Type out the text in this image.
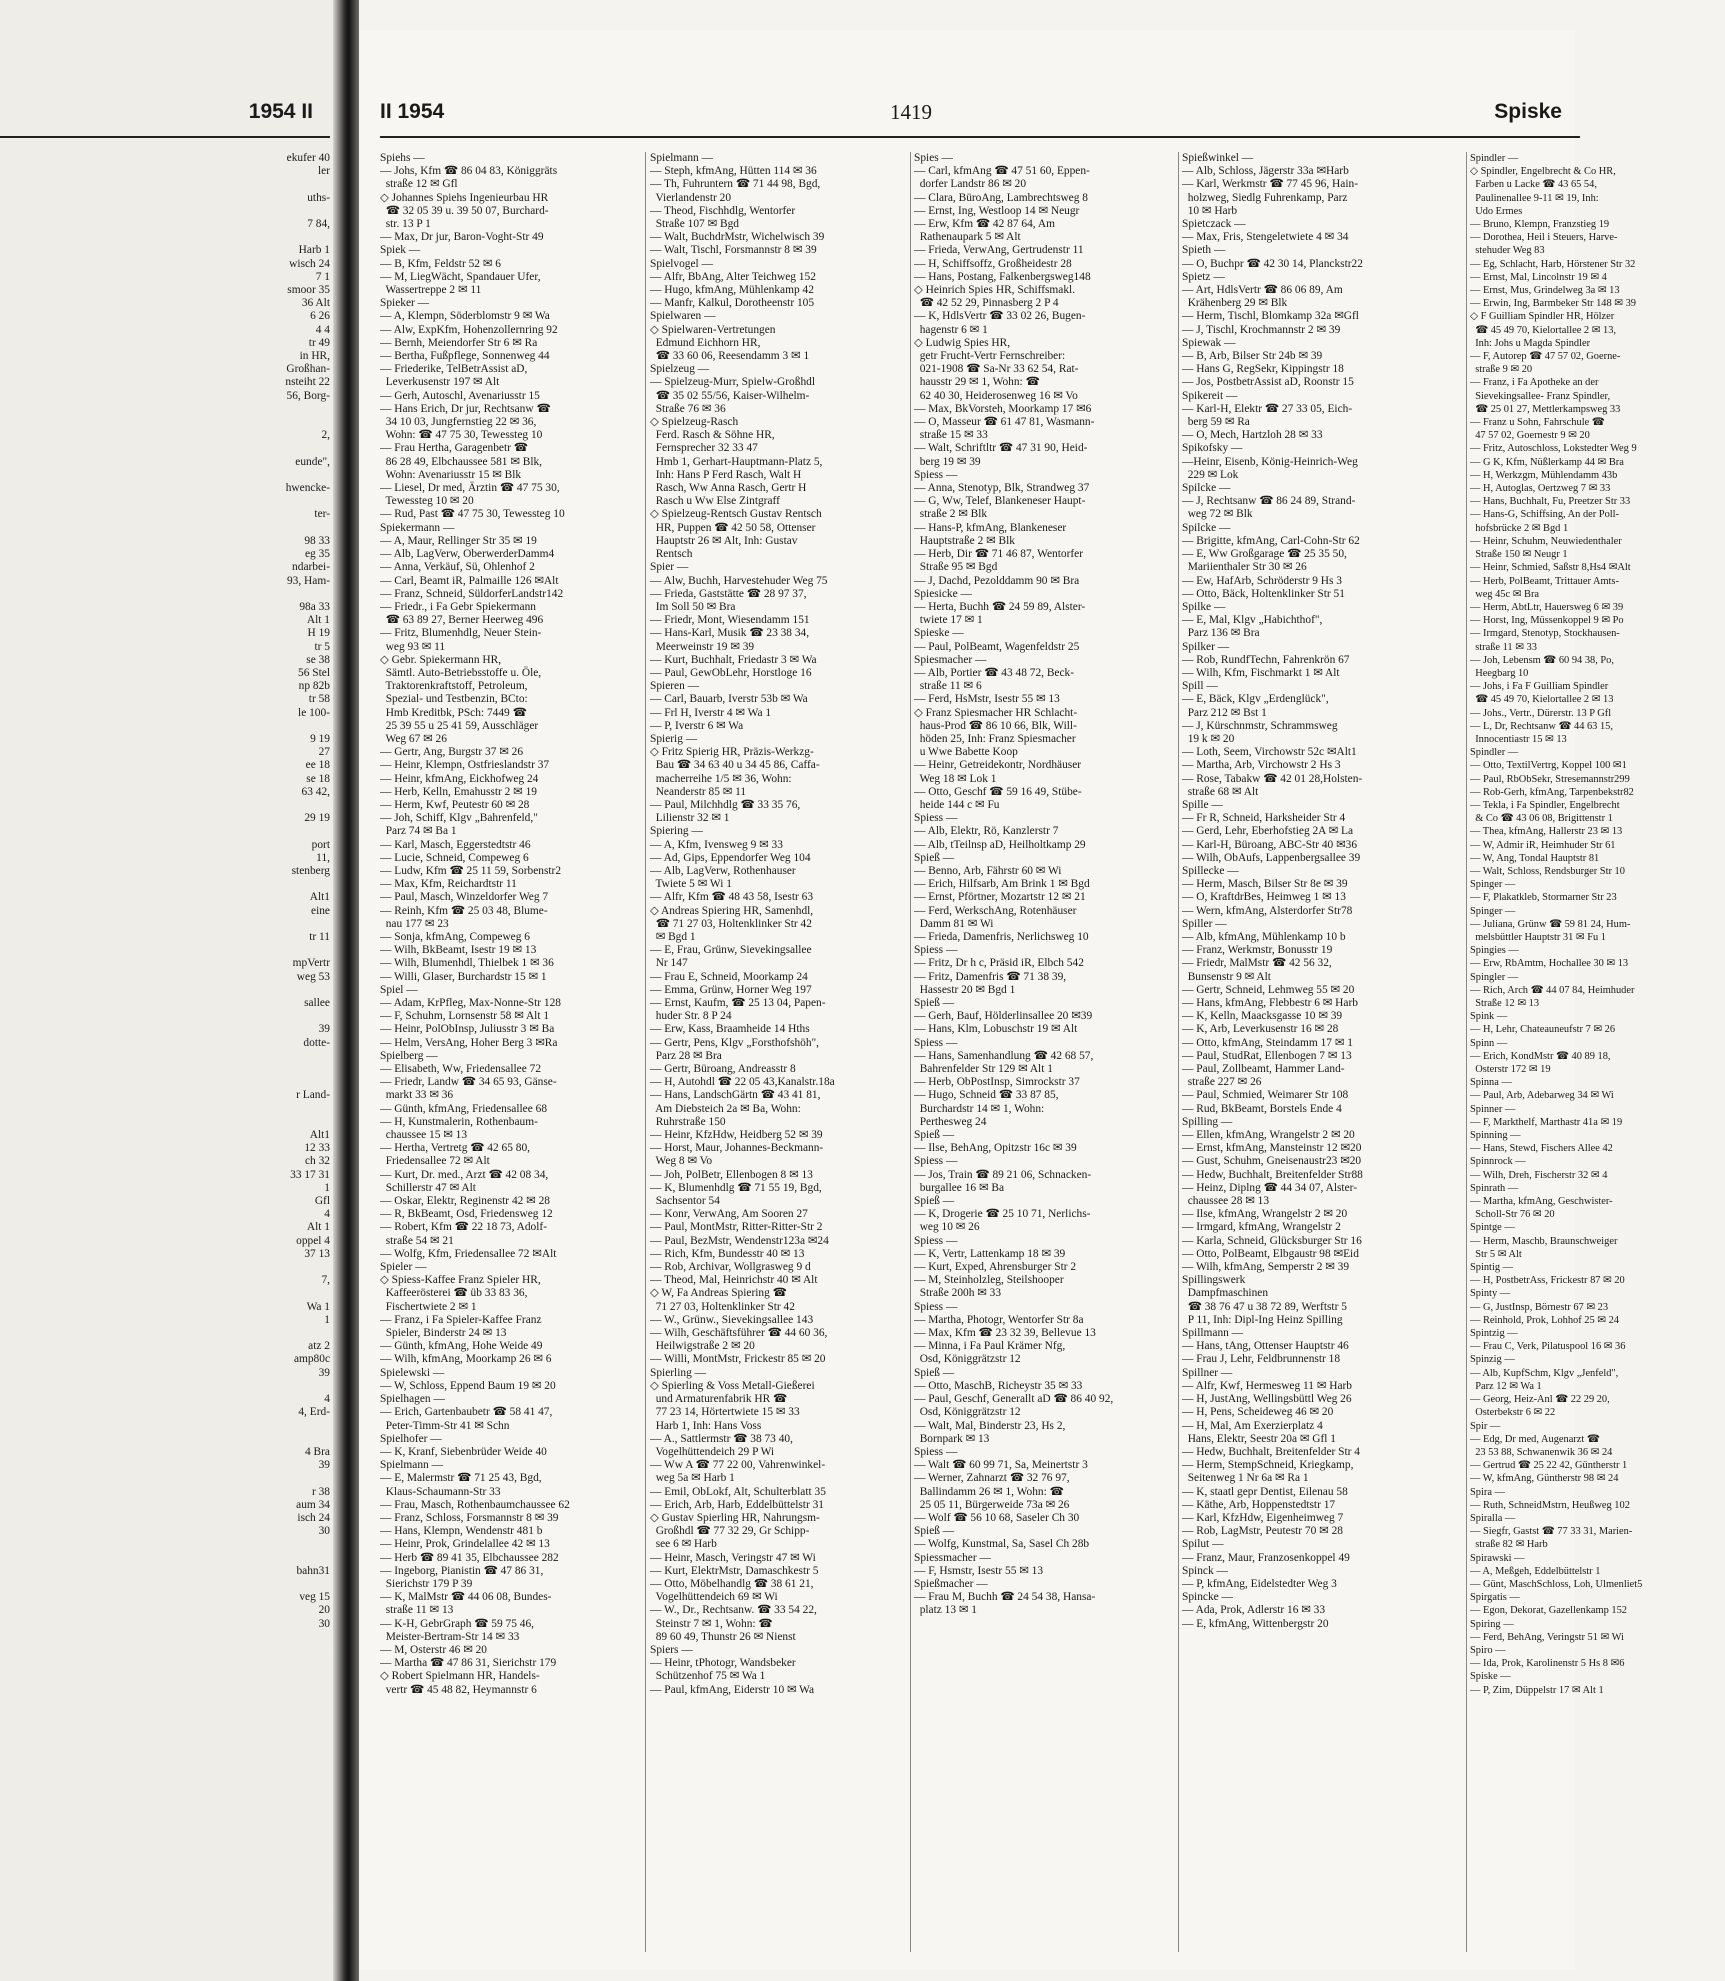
1954 II	II 1954	1419	Spiske
ekufer 40
ler

uths-

7 84,

Harb 1
wisch 24
7 1
smoor 35
36 Alt
6 26
4 4
tr 49
in HR,
Großhan-
nsteiht 22
56, Borg-

2,

eunde",

hwencke-

ter-

98 33
eg 35
ndarbei-
93, Ham-

98a 33
Alt 1
H 19
tr 5
se 38
56 Stel
np 82b
tr 58
le 100-

9 19
27
ee 18
se 18
63 42,

29 19

port
11,
stenberg

Alt1
eine

tr 11

mpVertr
weg 53

sallee

39
dotte-

r Land-

Alt1
12 33
ch 32
33 17 31
1
Gfl
4
Alt 1
oppel 4
37 13

7,

Wa 1
1

atz 2
amp80c
39

4
4, Erd-

4 Bra
39

r 38
aum 34
isch 24
30

bahn31

veg 15
20
30
Spiehs —
— Johs, Kfm ☎ 86 04 83, Königgräts
straße 12 ✉ Gfl
◇ Johannes Spiehs Ingenieurbau HR
☎ 32 05 39 u. 39 50 07, Burchard-
str. 13 P 1
— Max, Dr jur, Baron-Voght-Str 49
Spiek —
— B, Kfm, Feldstr 52 ✉ 6
— M, LiegWächt, Spandauer Ufer,
Wassertreppe 2 ✉ 11
Spieker —
— A, Klempn, Söderblomstr 9 ✉ Wa
— Alw, ExpKfm, Hohenzollernring 92
— Bernh, Meiendorfer Str 6 ✉ Ra
— Bertha, Fußpflege, Sonnenweg 44
— Friederike, TelBetrAssist aD,
Leverkusenstr 197 ✉ Alt
— Gerh, Autoschl, Avenariusstr 15
— Hans Erich, Dr jur, Rechtsanw ☎
34 10 03, Jungfernstieg 22 ✉ 36,
Wohn: ☎ 47 75 30, Tewessteg 10
— Frau Hertha, Garagenbetr ☎
86 28 49, Elbchaussee 581 ✉ Blk,
Wohn: Avenariusstr 15 ✉ Blk
— Liesel, Dr med, Ärztin ☎ 47 75 30,
Tewessteg 10 ✉ 20
— Rud, Past ☎ 47 75 30, Tewessteg 10
Spiekermann —
— A, Maur, Rellinger Str 35 ✉ 19
— Alb, LagVerw, OberwerderDamm4
— Anna, Verkäuf, Sü, Ohlenhof 2
— Carl, Beamt iR, Palmaille 126 ✉Alt
— Franz, Schneid, SüldorferLandstr142
— Friedr., i Fa Gebr Spiekermann
☎ 63 89 27, Berner Heerweg 496
— Fritz, Blumenhdlg, Neuer Stein-
weg 93 ✉ 11
◇ Gebr. Spiekermann HR,
Sämtl. Auto-Betriebsstoffe u. Öle,
Traktorenkraftstoff, Petroleum,
Spezial- und Testbenzin, BCto:
Hmb Kreditbk, PSch: 7449 ☎
25 39 55 u 25 41 59, Ausschläger
Weg 67 ✉ 26
— Gertr, Ang, Burgstr 37 ✉ 26
— Heinr, Klempn, Ostfrieslandstr 37
— Heinr, kfmAng, Eickhofweg 24
— Herb, Kelln, Emahusstr 2 ✉ 19
— Herm, Kwf, Peutestr 60 ✉ 28
— Joh, Schiff, Klgv „Bahrenfeld,"
Parz 74 ✉ Ba 1
— Karl, Masch, Eggerstedtstr 46
— Lucie, Schneid, Compeweg 6
— Ludw, Kfm ☎ 25 11 59, Sorbenstr2
— Max, Kfm, Reichardtstr 11
— Paul, Masch, Winzeldorfer Weg 7
— Reinh, Kfm ☎ 25 03 48, Blume-
nau 177 ✉ 23
— Sonja, kfmAng, Compeweg 6
— Wilh, BkBeamt, Isestr 19 ✉ 13
— Wilh, Blumenhdl, Thielbek 1 ✉ 36
— Willi, Glaser, Burchardstr 15 ✉ 1
Spiel —
— Adam, KrPfleg, Max-Nonne-Str 128
— F, Schuhm, Lornsenstr 58 ✉ Alt 1
— Heinr, PolObInsp, Juliusstr 3 ✉ Ba
— Helm, VersAng, Hoher Berg 3 ✉Ra
Spielberg —
— Elisabeth, Ww, Friedensallee 72
— Friedr, Landw ☎ 34 65 93, Gänse-
markt 33 ✉ 36
— Günth, kfmAng, Friedensallee 68
— H, Kunstmalerin, Rothenbaum-
chaussee 15 ✉ 13
— Hertha, Vertretg ☎ 42 65 80,
Friedensallee 72 ✉ Alt
— Kurt, Dr. med., Arzt ☎ 42 08 34,
Schillerstr 47 ✉ Alt
— Oskar, Elektr, Reginenstr 42 ✉ 28
— R, BkBeamt, Osd, Friedensweg 12
— Robert, Kfm ☎ 22 18 73, Adolf-
straße 54 ✉ 21
— Wolfg, Kfm, Friedensallee 72 ✉Alt
Spieler —
◇ Spiess-Kaffee Franz Spieler HR,
Kaffeerösterei ☎ üb 33 83 36,
Fischertwiete 2 ✉ 1
— Franz, i Fa Spieler-Kaffee Franz
Spieler, Binderstr 24 ✉ 13
— Günth, kfmAng, Hohe Weide 49
— Wilh, kfmAng, Moorkamp 26 ✉ 6
Spielewski —
— W, Schloss, Eppend Baum 19 ✉ 20
Spielhagen —
— Erich, Gartenbaubetr ☎ 58 41 47,
Peter-Timm-Str 41 ✉ Schn
Spielhofer —
— K, Kranf, Siebenbrüder Weide 40
Spielmann —
— E, Malermstr ☎ 71 25 43, Bgd,
Klaus-Schaumann-Str 33
— Frau, Masch, Rothenbaumchaussee 62
— Franz, Schloss, Forsmannstr 8 ✉ 39
— Hans, Klempn, Wendenstr 481 b
— Heinr, Prok, Grindelallee 42 ✉ 13
— Herb ☎ 89 41 35, Elbchaussee 282
— Ingeborg, Pianistin ☎ 47 86 31,
Sierichstr 179 P 39
— K, MalMstr ☎ 44 06 08, Bundes-
straße 11 ✉ 13
— K-H, GebrGraph ☎ 59 75 46,
Meister-Bertram-Str 14 ✉ 33
— M, Osterstr 46 ✉ 20
— Martha ☎ 47 86 31, Sierichstr 179
◇ Robert Spielmann HR, Handels-
vertr ☎ 45 48 82, Heymannstr 6
Spielmann —
— Steph, kfmAng, Hütten 114 ✉ 36
— Th, Fuhruntern ☎ 71 44 98, Bgd,
Vierlandenstr 20
— Theod, Fischhdlg, Wentorfer
Straße 107 ✉ Bgd
— Walt, BuchdrMstr, Wichelwisch 39
— Walt, Tischl, Forsmannstr 8 ✉ 39
Spielvogel —
— Alfr, BbAng, Alter Teichweg 152
— Hugo, kfmAng, Mühlenkamp 42
— Manfr, Kalkul, Dorotheenstr 105
Spielwaren —
◇ Spielwaren-Vertretungen
Edmund Eichhorn HR,
☎ 33 60 06, Reesendamm 3 ✉ 1
Spielzeug —
— Spielzeug-Murr, Spielw-Großhdl
☎ 35 02 55/56, Kaiser-Wilhelm-
Straße 76 ✉ 36
◇ Spielzeug-Rasch
Ferd. Rasch & Söhne HR,
Fernsprecher 32 33 47
Hmb 1, Gerhart-Hauptmann-Platz 5,
Inh: Hans P Ferd Rasch, Walt H
Rasch, Ww Anna Rasch, Gertr H
Rasch u Ww Else Zintgraff
◇ Spielzeug-Rentsch Gustav Rentsch
HR, Puppen ☎ 42 50 58, Ottenser
Hauptstr 26 ✉ Alt, Inh: Gustav
Rentsch
Spier —
— Alw, Buchh, Harvestehuder Weg 75
— Frieda, Gaststätte ☎ 28 97 37,
Im Soll 50 ✉ Bra
— Friedr, Mont, Wiesendamm 151
— Hans-Karl, Musik ☎ 23 38 34,
Meerweinstr 19 ✉ 39
— Kurt, Buchhalt, Friedastr 3 ✉ Wa
— Paul, GewObLehr, Horstloge 16
Spieren —
— Carl, Bauarb, Iverstr 53b ✉ Wa
— Frl H, Iverstr 4 ✉ Wa 1
— P, Iverstr 6 ✉ Wa
Spierig —
◇ Fritz Spierig HR, Präzis-Werkzg-
Bau ☎ 34 63 40 u 34 45 86, Caffa-
macherreihe 1/5 ✉ 36, Wohn:
Neanderstr 85 ✉ 11
— Paul, Milchhdlg ☎ 33 35 76,
Lilienstr 32 ✉ 1
Spiering —
— A, Kfm, Ivensweg 9 ✉ 33
— Ad, Gips, Eppendorfer Weg 104
— Alb, LagVerw, Rothenhauser
Twiete 5 ✉ Wi 1
— Alfr, Kfm ☎ 48 43 58, Isestr 63
◇ Andreas Spiering HR, Samenhdl,
☎ 71 27 03, Holtenklinker Str 42
✉ Bgd 1
— E, Frau, Grünw, Sievekingsallee
Nr 147
— Frau E, Schneid, Moorkamp 24
— Emma, Grünw, Horner Weg 197
— Ernst, Kaufm, ☎ 25 13 04, Papen-
huder Str. 8 P 24
— Erw, Kass, Braamheide 14 Hths
— Gertr, Pens, Klgv „Forsthofshöh",
Parz 28 ✉ Bra
— Gertr, Büroang, Andreasstr 8
— H, Autohdl ☎ 22 05 43,Kanalstr.18a
— Hans, LandschGärtn ☎ 43 41 81,
Am Diebsteich 2a ✉ Ba, Wohn:
Ruhrstraße 150
— Heinr, KfzHdw, Heidberg 52 ✉ 39
— Horst, Maur, Johannes-Beckmann-
Weg 8 ✉ Vo
— Joh, PolBetr, Ellenbogen 8 ✉ 13
— K, Blumenhdlg ☎ 71 55 19, Bgd,
Sachsentor 54
— Konr, VerwAng, Am Sooren 27
— Paul, MontMstr, Ritter-Ritter-Str 2
— Paul, BezMstr, Wendenstr123a ✉24
— Rich, Kfm, Bundesstr 40 ✉ 13
— Rob, Archivar, Wollgrasweg 9 d
— Theod, Mal, Heinrichstr 40 ✉ Alt
◇ W, Fa Andreas Spiering ☎
71 27 03, Holtenklinker Str 42
— W., Grünw., Sievekingsallee 143
— Wilh, Geschäftsführer ☎ 44 60 36,
Heilwigstraße 2 ✉ 20
— Willi, MontMstr, Frickestr 85 ✉ 20
Spierling —
◇ Spierling & Voss Metall-Gießerei
und Armaturenfabrik HR ☎
77 23 14, Hörtertwiete 15 ✉ 33
Harb 1, Inh: Hans Voss
— A., Sattlermstr ☎ 38 73 40,
Vogelhüttendeich 29 P Wi
— Ww A ☎ 77 22 00, Vahrenwinkel-
weg 5a ✉ Harb 1
— Emil, ObLokf, Alt, Schulterblatt 35
— Erich, Arb, Harb, Eddelbüttelstr 31
◇ Gustav Spierling HR, Nahrungsm-
Großhdl ☎ 77 32 29, Gr Schipp-
see 6 ✉ Harb
— Heinr, Masch, Veringstr 47 ✉ Wi
— Kurt, ElektrMstr, Damaschkestr 5
— Otto, Möbelhandlg ☎ 38 61 21,
Vogelhüttendeich 69 ✉ Wi
— W., Dr., Rechtsanw. ☎ 33 54 22,
Steinstr 7 ✉ 1, Wohn: ☎
89 60 49, Thunstr 26 ✉ Nienst
Spiers —
— Heinr, tPhotogr, Wandsbeker
Schützenhof 75 ✉ Wa 1
— Paul, kfmAng, Eiderstr 10 ✉ Wa
Spies —
— Carl, kfmAng ☎ 47 51 60, Eppen-
dorfer Landstr 86 ✉ 20
— Clara, BüroAng, Lambrechtsweg 8
— Ernst, Ing, Westloop 14 ✉ Neugr
— Erw, Kfm ☎ 42 87 64, Am
Rathenaupark 5 ✉ Alt
— Frieda, VerwAng, Gertrudenstr 11
— H, Schiffsoffz, Großheidestr 28
— Hans, Postang, Falkenbergsweg148
◇ Heinrich Spies HR, Schiffsmakl.
☎ 42 52 29, Pinnasberg 2 P 4
— K, HdlsVertr ☎ 33 02 26, Bugen-
hagenstr 6 ✉ 1
◇ Ludwig Spies HR,
getr Frucht-Vertr Fernschreiber:
021-1908 ☎ Sa-Nr 33 62 54, Rat-
hausstr 29 ✉ 1, Wohn: ☎
62 40 30, Heiderosenweg 16 ✉ Vo
— Max, BkVorsteh, Moorkamp 17 ✉6
— O, Masseur ☎ 61 47 81, Wasmann-
straße 15 ✉ 33
— Walt, Schriftltr ☎ 47 31 90, Heid-
berg 19 ✉ 39
Spiess —
— Anna, Stenotyp, Blk, Strandweg 37
— G, Ww, Telef, Blankeneser Haupt-
straße 2 ✉ Blk
— Hans-P, kfmAng, Blankeneser
Hauptstraße 2 ✉ Blk
— Herb, Dir ☎ 71 46 87, Wentorfer
Straße 95 ✉ Bgd
— J, Dachd, Pezolddamm 90 ✉ Bra
Spiesicke —
— Herta, Buchh ☎ 24 59 89, Alster-
twiete 17 ✉ 1
Spieske —
— Paul, PolBeamt, Wagenfeldstr 25
Spiesmacher —
— Alb, Portier ☎ 43 48 72, Beck-
straße 11 ✉ 6
— Ferd, HsMstr, Isestr 55 ✉ 13
◇ Franz Spiesmacher HR Schlacht-
haus-Prod ☎ 86 10 66, Blk, Will-
höden 25, Inh: Franz Spiesmacher
u Wwe Babette Koop
— Heinr, Getreidekontr, Nordhäuser
Weg 18 ✉ Lok 1
— Otto, Geschf ☎ 59 16 49, Stübe-
heide 144 c ✉ Fu
Spiess —
— Alb, Elektr, Rö, Kanzlerstr 7
— Alb, tTeilnsp aD, Heilholtkamp 29
Spieß —
— Benno, Arb, Fährstr 60 ✉ Wi
— Erich, Hilfsarb, Am Brink 1 ✉ Bgd
— Ernst, Pförtner, Mozartstr 12 ✉ 21
— Ferd, WerkschAng, Rotenhäuser
Damm 81 ✉ Wi
— Frieda, Damenfris, Nerlichsweg 10
Spiess —
— Fritz, Dr h c, Präsid iR, Elbch 542
— Fritz, Damenfris ☎ 71 38 39,
Hassestr 20 ✉ Bgd 1
Spieß —
— Gerh, Bauf, Hölderlinsallee 20 ✉39
— Hans, Klm, Lobuschstr 19 ✉ Alt
Spiess —
— Hans, Samenhandlung ☎ 42 68 57,
Bahrenfelder Str 129 ✉ Alt 1
— Herb, ObPostInsp, Simrockstr 37
— Hugo, Schneid ☎ 33 87 85,
Burchardstr 14 ✉ 1, Wohn:
Perthesweg 24
Spieß —
— Ilse, BehAng, Opitzstr 16c ✉ 39
Spiess —
— Jos, Train ☎ 89 21 06, Schnacken-
burgallee 16 ✉ Ba
Spieß —
— K, Drogerie ☎ 25 10 71, Nerlichs-
weg 10 ✉ 26
Spiess —
— K, Vertr, Lattenkamp 18 ✉ 39
— Kurt, Exped, Ahrensburger Str 2
— M, Steinholzleg, Steilshooper
Straße 200h ✉ 33
Spiess —
— Martha, Photogr, Wentorfer Str 8a
— Max, Kfm ☎ 23 32 39, Bellevue 13
— Minna, i Fa Paul Krämer Nfg,
Osd, Königgrätzstr 12
Spieß —
— Otto, MaschB, Richeystr 35 ✉ 33
— Paul, Geschf, Generallt aD ☎ 86 40 92,
Osd, Königgrätzstr 12
— Walt, Mal, Binderstr 23, Hs 2,
Bornpark ✉ 13
Spiess —
— Walt ☎ 60 99 71, Sa, Meinertstr 3
— Werner, Zahnarzt ☎ 32 76 97,
Ballindamm 26 ✉ 1, Wohn: ☎
25 05 11, Bürgerweide 73a ✉ 26
— Wolf ☎ 56 10 68, Saseler Ch 30
Spieß —
— Wolfg, Kunstmal, Sa, Sasel Ch 28b
Spiessmacher —
— F, Hsmstr, Isestr 55 ✉ 13
Spießmacher —
— Frau M, Buchh ☎ 24 54 38, Hansa-
platz 13 ✉ 1
Spießwinkel —
— Alb, Schloss, Jägerstr 33a ✉Harb
— Karl, Werkmstr ☎ 77 45 96, Hain-
holzweg, Siedlg Fuhrenkamp, Parz
10 ✉ Harb
Spietczack —
— Max, Fris, Stengeletwiete 4 ✉ 34
Spieth —
— O, Buchpr ☎ 42 30 14, Planckstr22
Spietz —
— Art, HdlsVertr ☎ 86 06 89, Am
Krähenberg 29 ✉ Blk
— Herm, Tischl, Blomkamp 32a ✉Gfl
— J, Tischl, Krochmannstr 2 ✉ 39
Spiewak —
— B, Arb, Bilser Str 24b ✉ 39
— Hans G, RegSekr, Kippingstr 18
— Jos, PostbetrAssist aD, Roonstr 15
Spikereit —
— Karl-H, Elektr ☎ 27 33 05, Eich-
berg 59 ✉ Ra
— O, Mech, Hartzloh 28 ✉ 33
Spikofsky —
—Heinr, Eisenb, König-Heinrich-Weg
229 ✉ Lok
Spilcke —
— J, Rechtsanw ☎ 86 24 89, Strand-
weg 72 ✉ Blk
Spilcke —
— Brigitte, kfmAng, Carl-Cohn-Str 62
— E, Ww Großgarage ☎ 25 35 50,
Mariienthaler Str 30 ✉ 26
— Ew, HafArb, Schröderstr 9 Hs 3
— Otto, Bäck, Holtenklinker Str 51
Spilke —
— E, Mal, Klgv „Habichthof",
Parz 136 ✉ Bra
Spilker —
— Rob, RundfTechn, Fahrenkrön 67
— Wilh, Kfm, Fischmarkt 1 ✉ Alt
Spill —
— E, Bäck, Klgv „Erdenglück",
Parz 212 ✉ Bst 1
— J, Kürschnmstr, Schrammsweg
19 k ✉ 20
— Loth, Seem, Virchowstr 52c ✉Alt1
— Martha, Arb, Virchowstr 2 Hs 3
— Rose, Tabakw ☎ 42 01 28,Holsten-
straße 68 ✉ Alt
Spille —
— Fr R, Schneid, Harksheider Str 4
— Gerd, Lehr, Eberhofstieg 2A ✉ La
— Karl-H, Büroang, ABC-Str 40 ✉36
— Wilh, ObAufs, Lappenbergsallee 39
Spillecke —
— Herm, Masch, Bilser Str 8e ✉ 39
— O, KraftdrBes, Heimweg 1 ✉ 13
— Wern, kfmAng, Alsterdorfer Str78
Spiller —
— Alb, kfmAng, Mühlenkamp 10 b
— Franz, Werkmstr, Bonusstr 19
— Friedr, MalMstr ☎ 42 56 32,
Bunsenstr 9 ✉ Alt
— Gertr, Schneid, Lehmweg 55 ✉ 20
— Hans, kfmAng, Flebbestr 6 ✉ Harb
— K, Kelln, Maacksgasse 10 ✉ 39
— K, Arb, Leverkusenstr 16 ✉ 28
— Otto, kfmAng, Steindamm 17 ✉ 1
— Paul, StudRat, Ellenbogen 7 ✉ 13
— Paul, Zollbeamt, Hammer Land-
straße 227 ✉ 26
— Paul, Schmied, Weimarer Str 108
— Rud, BkBeamt, Borstels Ende 4
Spilling —
— Ellen, kfmAng, Wrangelstr 2 ✉ 20
— Ernst, kfmAng, Mansteinstr 12 ✉20
— Gust, Schuhm, Gneisenaustr23 ✉20
— Hedw, Buchhalt, Breitenfelder Str88
— Heinz, Diplng ☎ 44 34 07, Alster-
chaussee 28 ✉ 13
— Ilse, kfmAng, Wrangelstr 2 ✉ 20
— Irmgard, kfmAng, Wrangelstr 2
— Karla, Schneid, Glücksburger Str 16
— Otto, PolBeamt, Elbgaustr 98 ✉Eid
— Wilh, kfmAng, Semperstr 2 ✉ 39
Spillingswerk
Dampfmaschinen
☎ 38 76 47 u 38 72 89, Werftstr 5
P 11, Inh: Dipl-Ing Heinz Spilling
Spillmann —
— Hans, tAng, Ottenser Hauptstr 46
— Frau J, Lehr, Feldbrunnenstr 18
Spillner —
— Alfr, Kwf, Hermesweg 11 ✉ Harb
— H, JustAng, Wellingsbüttl Weg 26
— H, Pens, Scheideweg 46 ✉ 20
— H, Mal, Am Exerzierplatz 4
Hans, Elektr, Seestr 20a ✉ Gfl 1
— Hedw, Buchhalt, Breitenfelder Str 4
— Herm, StempSchneid, Kriegkamp,
Seitenweg 1 Nr 6a ✉ Ra 1
— K, staatl gepr Dentist, Eilenau 58
— Käthe, Arb, Hoppenstedtstr 17
— Karl, KfzHdw, Eigenheimweg 7
— Rob, LagMstr, Peutestr 70 ✉ 28
Spilut —
— Franz, Maur, Franzosenkoppel 49
Spinck —
— P, kfmAng, Eidelstedter Weg 3
Spincke —
— Ada, Prok, Adlerstr 16 ✉ 33
— E, kfmAng, Wittenbergstr 20
Spindler —
◇ Spindler, Engelbrecht & Co HR,
Farben u Lacke ☎ 43 65 54,
Paulinenallee 9-11 ✉ 19, Inh:
Udo Ermes
— Bruno, Klempn, Franzstieg 19
— Dorothea, Heil i Steuers, Harve-
stehuder Weg 83
— Eg, Schlacht, Harb, Hörstener Str 32
— Ernst, Mal, Lincolnstr 19 ✉ 4
— Ernst, Mus, Grindelweg 3a ✉ 13
— Erwin, Ing, Barmbeker Str 148 ✉ 39
◇ F Guilliam Spindler HR, Hölzer
☎ 45 49 70, Kielortallee 2 ✉ 13,
Inh: Johs u Magda Spindler
— F, Autorep ☎ 47 57 02, Goerne-
straße 9 ✉ 20
— Franz, i Fa Apotheke an der
Sievekingsallee- Franz Spindler,
☎ 25 01 27, Mettlerkampsweg 33
— Franz u Sohn, Fahrschule ☎
47 57 02, Goernestr 9 ✉ 20
— Fritz, Autoschloss, Lokstedter Weg 9
— G K, Kfm, Nüßlerkamp 44 ✉ Bra
— H, Werkzgm, Mühlendamm 43b
— H, Autoglas, Oertzweg 7 ✉ 33
— Hans, Buchhalt, Fu, Preetzer Str 33
— Hans-G, Schiffsing, An der Poll-
hofsbrücke 2 ✉ Bgd 1
— Heinr, Schuhm, Neuwiedenthaler
Straße 150 ✉ Neugr 1
— Heinr, Schmied, Saßstr 8,Hs4 ✉Alt
— Herb, PolBeamt, Trittauer Amts-
weg 45c ✉ Bra
— Herm, AbtLtr, Hauersweg 6 ✉ 39
— Horst, Ing, Müssenkoppel 9 ✉ Po
— Irmgard, Stenotyp, Stockhausen-
straße 11 ✉ 33
— Joh, Lebensm ☎ 60 94 38, Po,
Heegbarg 10
— Johs, i Fa F Guilliam Spindler
☎ 45 49 70, Kielortallee 2 ✉ 13
— Johs., Vertr., Dürerstr. 13 P Gfl
— L, Dr, Rechtsanw ☎ 44 63 15,
Innocentiastr 15 ✉ 13
Spindler —
— Otto, TextilVertrg, Koppel 100 ✉1
— Paul, RbObSekr, Stresemannstr299
— Rob-Gerh, kfmAng, Tarpenbekstr82
— Tekla, i Fa Spindler, Engelbrecht
& Co ☎ 43 06 08, Brigittenstr 1
— Thea, kfmAng, Hallerstr 23 ✉ 13
— W, Admir iR, Heimhuder Str 61
— W, Ang, Tondal Hauptstr 81
— Walt, Schloss, Rendsburger Str 10
Spinger —
— F, Plakatkleb, Stormarner Str 23
Spinger —
— Juliana, Grünw ☎ 59 81 24, Hum-
melsbüttler Hauptstr 31 ✉ Fu 1
Spingies —
— Erw, RbAmtm, Hochallee 30 ✉ 13
Spingler —
— Rich, Arch ☎ 44 07 84, Heimhuder
Straße 12 ✉ 13
Spink —
— H, Lehr, Chateauneufstr 7 ✉ 26
Spinn —
— Erich, KondMstr ☎ 40 89 18,
Osterstr 172 ✉ 19
Spinna —
— Paul, Arb, Adebarweg 34 ✉ Wi
Spinner —
— F, Markthelf, Marthastr 41a ✉ 19
Spinning —
— Hans, Stewd, Fischers Allee 42
Spinnrock —
— Wilh, Dreh, Fischerstr 32 ✉ 4
Spinrath —
— Martha, kfmAng, Geschwister-
Scholl-Str 76 ✉ 20
Spintge —
— Herm, Maschb, Braunschweiger
Str 5 ✉ Alt
Spintig —
— H, PostbetrAss, Frickestr 87 ✉ 20
Spinty —
— G, JustInsp, Börnestr 67 ✉ 23
— Reinhold, Prok, Lohhof 25 ✉ 24
Spintzig —
— Frau C, Verk, Pilatuspool 16 ✉ 36
Spinzig —
— Alb, KupfSchm, Klgv „Jenfeld",
Parz 12 ✉ Wa 1
— Georg, Heiz-Anl ☎ 22 29 20,
Osterbekstr 6 ✉ 22
Spir —
— Edg, Dr med, Augenarzt ☎
23 53 88, Schwanenwik 36 ✉ 24
— Gertrud ☎ 25 22 42, Güntherstr 1
— W, kfmAng, Güntherstr 98 ✉ 24
Spira —
— Ruth, SchneidMstrn, Heußweg 102
Spiralla —
— Siegfr, Gastst ☎ 77 33 31, Marien-
straße 82 ✉ Harb
Spirawski —
— A, Meßgeh, Eddelbüttelstr 1
— Günt, MaschSchloss, Loh, Ulmenliet5
Spirgatis —
— Egon, Dekorat, Gazellenkamp 152
Spiring —
— Ferd, BehAng, Veringstr 51 ✉ Wi
Spiro —
— Ida, Prok, Karolinenstr 5 Hs 8 ✉6
Spiske —
— P, Zim, Düppelstr 17 ✉ Alt 1
